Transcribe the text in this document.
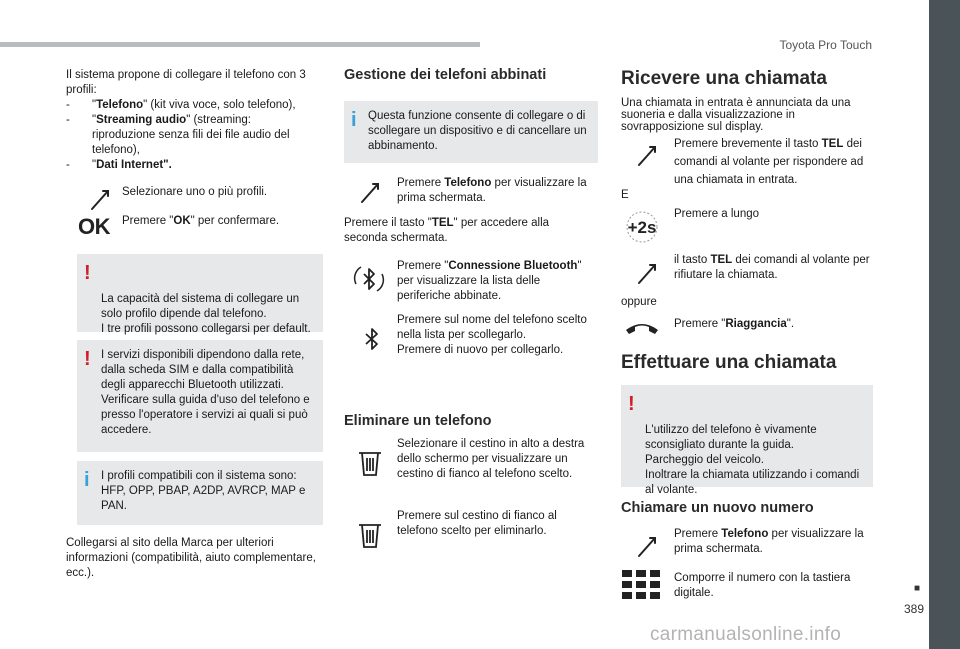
Toyota Pro Touch
■
389
carmanualsonline.info

Il sistema propone di collegare il telefono con 3 profili:

- "Telefono" (kit viva voce, solo telefono),
- "Streaming audio" (streaming: riproduzione senza fili dei file audio del telefono),
- "Dati Internet".
Selezionare uno o più profili.
OK Premere "OK" per confermare.

!

La capacità del sistema di collegare un solo profilo dipende dal telefono.
I tre profili possono collegarsi per default.

! I servizi disponibili dipendono dalla rete, dalla scheda SIM e dalla compatibilità degli apparecchi Bluetooth utilizzati. Verificare sulla guida d'uso del telefono e presso l'operatore i servizi ai quali si può accedere.
i I profili compatibili con il sistema sono: HFP, OPP, PBAP, A2DP, AVRCP, MAP e PAN.
Collegarsi al sito della Marca per ulteriori informazioni (compatibilità, aiuto complementare, ecc.).
Gestione dei telefoni abbinati
i Questa funzione consente di collegare o di scollegare un dispositivo e di cancellare un abbinamento.
Premere Telefono per visualizzare la prima schermata.
Premere il tasto "TEL" per accedere alla seconda schermata.
Premere "Connessione Bluetooth" per visualizzare la lista delle periferiche abbinate.
Premere sul nome del telefono scelto nella lista per scollegarlo.
Premere di nuovo per collegarlo.
Eliminare un telefono
Selezionare il cestino in alto a destra dello schermo per visualizzare un cestino di fianco al telefono scelto.
Premere sul cestino di fianco al telefono scelto per eliminarlo.
Ricevere una chiamata
Una chiamata in entrata è annunciata da una suoneria e dalla visualizzazione in sovrapposizione sul display.
Premere brevemente il tasto TEL dei comandi al volante per rispondere ad una chiamata in entrata.
E
+2s
Premere a lungo
il tasto TEL dei comandi al volante per rifiutare la chiamata.
oppure
Premere "Riaggancia".
Effettuare una chiamata

!

L'utilizzo del telefono è vivamente sconsigliato durante la guida.
Parcheggio del veicolo.
Inoltrare la chiamata utilizzando i comandi al volante.

Chiamare un nuovo numero
Premere Telefono per visualizzare la prima schermata.
Comporre il numero con la tastiera digitale.
